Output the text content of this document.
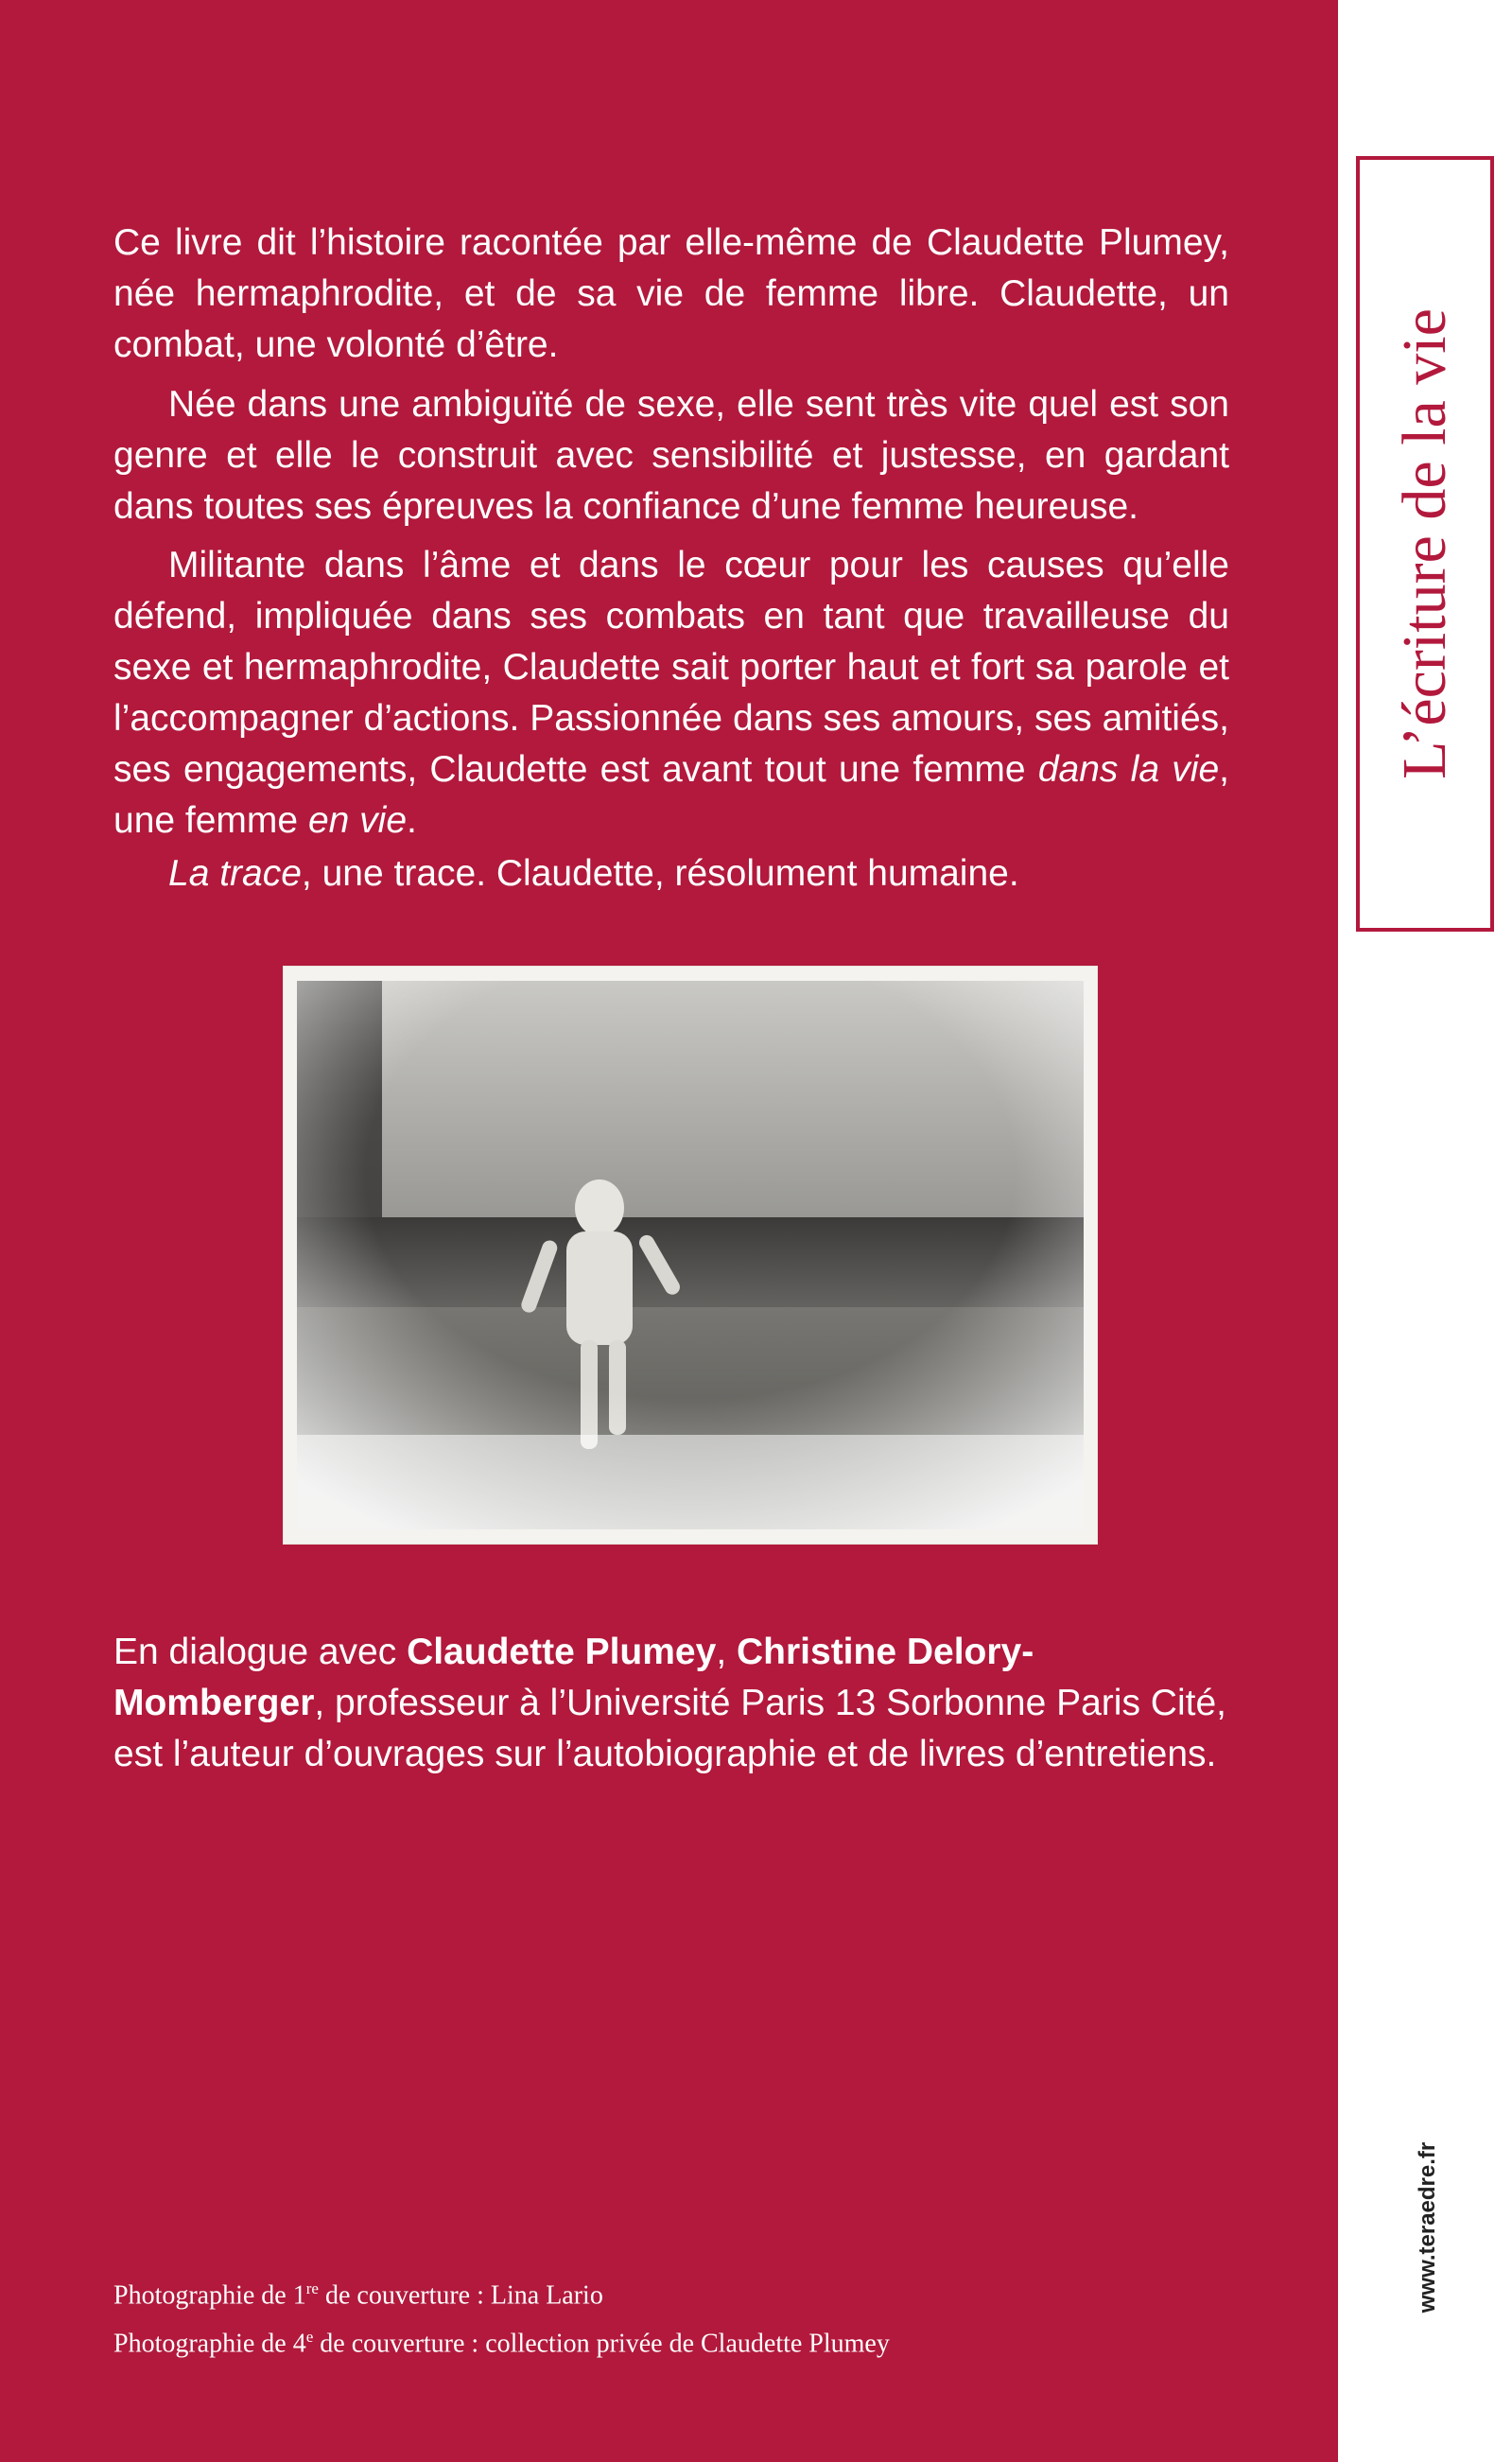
Ce livre dit l’histoire racontée par elle-même de Claudette Plumey, née hermaphrodite, et de sa vie de femme libre. Claudette, un combat, une volonté d’être.

Née dans une ambiguïté de sexe, elle sent très vite quel est son genre et elle le construit avec sensibilité et justesse, en gardant dans toutes ses épreuves la confiance d’une femme heureuse.

Militante dans l’âme et dans le cœur pour les causes qu’elle défend, impliquée dans ses combats en tant que travailleuse du sexe et hermaphrodite, Claudette sait porter haut et fort sa parole et l’accompagner d’actions. Passionnée dans ses amours, ses amitiés, ses engagements, Claudette est avant tout une femme dans la vie, une femme en vie.

La trace, une trace. Claudette, résolument humaine.

En dialogue avec Claudette Plumey, Christine Delory-Momberger, professeur à l’Université Paris 13 Sorbonne Paris Cité, est l’auteur d’ouvrages sur l’autobiographie et de livres d’entretiens.

Photographie de 1re de couverture : Lina Lario
Photographie de 4e de couverture : collection privée de Claudette Plumey
L’écriture de la vie
www.teraedre.fr
